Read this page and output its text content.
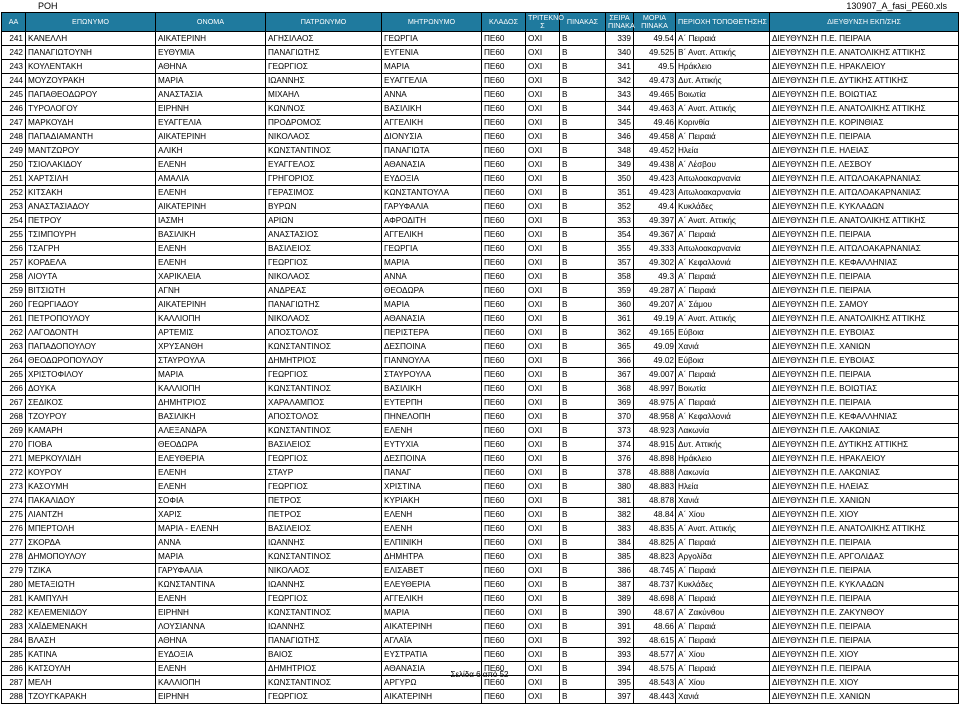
POH	130907_A_fasi_PE60.xls
AA	ΕΠΩΝΥΜΟ	ΟΝΟΜΑ	ΠΑΤΡΩΝΥΜΟ	ΜΗΤΡΩΝΥΜΟ	ΚΛΑΔΟΣ	ΤΡΙΤΕΚΝΟ Σ	ΠΙΝΑΚΑΣ	ΣΕΙΡΑ ΠΙΝΑΚΑ	ΜΟΡΙΑ ΠΙΝΑΚΑ	ΠΕΡΙΟΧΗ ΤΟΠΟΘΕΤΗΣΗΣ	ΔΙΕΥΘΥΝΣΗ ΕΚΠ/ΣΗΣ
241	ΚΑΝΕΛΛΗ	ΑΙΚΑΤΕΡΙΝΗ	ΑΓΗΣΙΛΑΟΣ	ΓΕΩΡΓΙΑ	ΠΕ60	ΟΧΙ	Β	339	49.54	Α΄ Πειραιά	ΔΙΕΥΘΥΝΣΗ Π.Ε. ΠΕΙΡΑΙΑ
242	ΠΑΝΑΓΙΩΤΟΥΝΗ	ΕΥΘΥΜΙΑ	ΠΑΝΑΓΙΩΤΗΣ	ΕΥΓΕΝΙΑ	ΠΕ60	ΟΧΙ	Β	340	49.525	Β΄ Ανατ. Αττικής	ΔΙΕΥΘΥΝΣΗ Π.Ε. ΑΝΑΤΟΛΙΚΗΣ ΑΤΤΙΚΗΣ
243	ΚΟΥΛΕΝΤΑΚΗ	ΑΘΗΝΑ	ΓΕΩΡΓΙΟΣ	ΜΑΡΙΑ	ΠΕ60	ΟΧΙ	Β	341	49.5	Ηράκλειο	ΔΙΕΥΘΥΝΣΗ Π.Ε. ΗΡΑΚΛΕΙΟΥ
244	ΜΟΥΖΟΥΡΑΚΗ	ΜΑΡΙΑ	ΙΩΑΝΝΗΣ	ΕΥΑΓΓΕΛΙΑ	ΠΕ60	ΟΧΙ	Β	342	49.473	Δυτ. Αττικής	ΔΙΕΥΘΥΝΣΗ Π.Ε. ΔΥΤΙΚΗΣ ΑΤΤΙΚΗΣ
245	ΠΑΠΑΘΕΟΔΩΡΟΥ	ΑΝΑΣΤΑΣΙΑ	ΜΙΧΑΗΛ	ΑΝΝΑ	ΠΕ60	ΟΧΙ	Β	343	49.465	Βοιωτία	ΔΙΕΥΘΥΝΣΗ Π.Ε. ΒΟΙΩΤΙΑΣ
246	ΤΥΡΟΛΟΓΟΥ	ΕΙΡΗΝΗ	ΚΩΝ/ΝΟΣ	ΒΑΣΙΛΙΚΗ	ΠΕ60	ΟΧΙ	Β	344	49.463	Α΄ Ανατ. Αττικής	ΔΙΕΥΘΥΝΣΗ Π.Ε. ΑΝΑΤΟΛΙΚΗΣ ΑΤΤΙΚΗΣ
247	ΜΑΡΚΟΥΔΗ	ΕΥΑΓΓΕΛΙΑ	ΠΡΟΔΡΟΜΟΣ	ΑΓΓΕΛΙΚΗ	ΠΕ60	ΟΧΙ	Β	345	49.46	Κορινθία	ΔΙΕΥΘΥΝΣΗ Π.Ε. ΚΟΡΙΝΘΙΑΣ
248	ΠΑΠΑΔΙΑΜΑΝΤΗ	ΑΙΚΑΤΕΡΙΝΗ	ΝΙΚΟΛΑΟΣ	ΔΙΟΝΥΣΙΑ	ΠΕ60	ΟΧΙ	Β	346	49.458	Α΄ Πειραιά	ΔΙΕΥΘΥΝΣΗ Π.Ε. ΠΕΙΡΑΙΑ
249	ΜΑΝΤΖΩΡΟΥ	ΑΛΙΚΗ	ΚΩΝΣΤΑΝΤΙΝΟΣ	ΠΑΝΑΓΙΩΤΑ	ΠΕ60	ΟΧΙ	Β	348	49.452	Ηλεία	ΔΙΕΥΘΥΝΣΗ Π.Ε. ΗΛΕΙΑΣ
250	ΤΣΙΟΛΑΚΙΔΟΥ	ΕΛΕΝΗ	ΕΥΑΓΓΕΛΟΣ	ΑΘΑΝΑΣΙΑ	ΠΕ60	ΟΧΙ	Β	349	49.438	Α΄ Λέσβου	ΔΙΕΥΘΥΝΣΗ Π.Ε. ΛΕΣΒΟΥ
251	ΧΑΡΤΣΙΛΗ	ΑΜΑΛΙΑ	ΓΡΗΓΟΡΙΟΣ	ΕΥΔΟΞΙΑ	ΠΕ60	ΟΧΙ	Β	350	49.423	Αιτωλοακαρνανία	ΔΙΕΥΘΥΝΣΗ Π.Ε. ΑΙΤΩΛΟΑΚΑΡΝΑΝΙΑΣ
252	ΚΙΤΣΑΚΗ	ΕΛΕΝΗ	ΓΕΡΑΣΙΜΟΣ	ΚΩΝΣΤΑΝΤΟΥΛΑ	ΠΕ60	ΟΧΙ	Β	351	49.423	Αιτωλοακαρνανία	ΔΙΕΥΘΥΝΣΗ Π.Ε. ΑΙΤΩΛΟΑΚΑΡΝΑΝΙΑΣ
253	ΑΝΑΣΤΑΣΙΑΔΟΥ	ΑΙΚΑΤΕΡΙΝΗ	ΒΥΡΩΝ	ΓΑΡΥΦΑΛΙΑ	ΠΕ60	ΟΧΙ	Β	352	49.4	Κυκλάδες	ΔΙΕΥΘΥΝΣΗ Π.Ε. ΚΥΚΛΑΔΩΝ
254	ΠΕΤΡΟΥ	ΙΑΣΜΗ	ΑΡΙΩΝ	ΑΦΡΟΔΙΤΗ	ΠΕ60	ΟΧΙ	Β	353	49.397	Α΄ Ανατ. Αττικής	ΔΙΕΥΘΥΝΣΗ Π.Ε. ΑΝΑΤΟΛΙΚΗΣ ΑΤΤΙΚΗΣ
255	ΤΣΙΜΠΟΥΡΗ	ΒΑΣΙΛΙΚΗ	ΑΝΑΣΤΑΣΙΟΣ	ΑΓΓΕΛΙΚΗ	ΠΕ60	ΟΧΙ	Β	354	49.367	Α΄ Πειραιά	ΔΙΕΥΘΥΝΣΗ Π.Ε. ΠΕΙΡΑΙΑ
256	ΤΣΑΓΡΗ	ΕΛΕΝΗ	ΒΑΣΙΛΕΙΟΣ	ΓΕΩΡΓΙΑ	ΠΕ60	ΟΧΙ	Β	355	49.333	Αιτωλοακαρνανία	ΔΙΕΥΘΥΝΣΗ Π.Ε. ΑΙΤΩΛΟΑΚΑΡΝΑΝΙΑΣ
257	ΚΟΡΔΕΛΑ	ΕΛΕΝΗ	ΓΕΩΡΓΙΟΣ	ΜΑΡΙΑ	ΠΕ60	ΟΧΙ	Β	357	49.302	Α΄ Κεφαλλονιά	ΔΙΕΥΘΥΝΣΗ Π.Ε. ΚΕΦΑΛΛΗΝΙΑΣ
258	ΛΙΟΥΤΑ	ΧΑΡΙΚΛΕΙΑ	ΝΙΚΟΛΑΟΣ	ΑΝΝΑ	ΠΕ60	ΟΧΙ	Β	358	49.3	Α΄ Πειραιά	ΔΙΕΥΘΥΝΣΗ Π.Ε. ΠΕΙΡΑΙΑ
259	ΒΙΤΣΙΩΤΗ	ΑΓΝΗ	ΑΝΔΡΕΑΣ	ΘΕΟΔΩΡΑ	ΠΕ60	ΟΧΙ	Β	359	49.287	Α΄ Πειραιά	ΔΙΕΥΘΥΝΣΗ Π.Ε. ΠΕΙΡΑΙΑ
260	ΓΕΩΡΓΙΑΔΟΥ	ΑΙΚΑΤΕΡΙΝΗ	ΠΑΝΑΓΙΩΤΗΣ	ΜΑΡΙΑ	ΠΕ60	ΟΧΙ	Β	360	49.207	Α΄ Σάμου	ΔΙΕΥΘΥΝΣΗ Π.Ε. ΣΑΜΟΥ
261	ΠΕΤΡΟΠΟΥΛΟΥ	ΚΑΛΛΙΟΠΗ	ΝΙΚΟΛΑΟΣ	ΑΘΑΝΑΣΙΑ	ΠΕ60	ΟΧΙ	Β	361	49.19	Α΄ Ανατ. Αττικής	ΔΙΕΥΘΥΝΣΗ Π.Ε. ΑΝΑΤΟΛΙΚΗΣ ΑΤΤΙΚΗΣ
262	ΛΑΓΟΔΟΝΤΗ	ΑΡΤΕΜΙΣ	ΑΠΟΣΤΟΛΟΣ	ΠΕΡΙΣΤΕΡΑ	ΠΕ60	ΟΧΙ	Β	362	49.165	Εύβοια	ΔΙΕΥΘΥΝΣΗ Π.Ε. ΕΥΒΟΙΑΣ
263	ΠΑΠΑΔΟΠΟΥΛΟΥ	ΧΡΥΣΑΝΘΗ	ΚΩΝΣΤΑΝΤΙΝΟΣ	ΔΕΣΠΟΙΝΑ	ΠΕ60	ΟΧΙ	Β	365	49.09	Χανιά	ΔΙΕΥΘΥΝΣΗ Π.Ε. ΧΑΝΙΩΝ
264	ΘΕΟΔΩΡΟΠΟΥΛΟΥ	ΣΤΑΥΡΟΥΛΑ	ΔΗΜΗΤΡΙΟΣ	ΓΙΑΝΝΟΥΛΑ	ΠΕ60	ΟΧΙ	Β	366	49.02	Εύβοια	ΔΙΕΥΘΥΝΣΗ Π.Ε. ΕΥΒΟΙΑΣ
265	ΧΡΙΣΤΟΦΙΛΟΥ	ΜΑΡΙΑ	ΓΕΩΡΓΙΟΣ	ΣΤΑΥΡΟΥΛΑ	ΠΕ60	ΟΧΙ	Β	367	49.007	Α΄ Πειραιά	ΔΙΕΥΘΥΝΣΗ Π.Ε. ΠΕΙΡΑΙΑ
266	ΔΟΥΚΑ	ΚΑΛΛΙΟΠΗ	ΚΩΝΣΤΑΝΤΙΝΟΣ	ΒΑΣΙΛΙΚΗ	ΠΕ60	ΟΧΙ	Β	368	48.997	Βοιωτία	ΔΙΕΥΘΥΝΣΗ Π.Ε. ΒΟΙΩΤΙΑΣ
267	ΣΕΔΙΚΟΣ	ΔΗΜΗΤΡΙΟΣ	ΧΑΡΑΛΑΜΠΟΣ	ΕΥΤΕΡΠΗ	ΠΕ60	ΟΧΙ	Β	369	48.975	Α΄ Πειραιά	ΔΙΕΥΘΥΝΣΗ Π.Ε. ΠΕΙΡΑΙΑ
268	ΤΖΟΥΡΟΥ	ΒΑΣΙΛΙΚΗ	ΑΠΟΣΤΟΛΟΣ	ΠΗΝΕΛΟΠΗ	ΠΕ60	ΟΧΙ	Β	370	48.958	Α΄ Κεφαλλονιά	ΔΙΕΥΘΥΝΣΗ Π.Ε. ΚΕΦΑΛΛΗΝΙΑΣ
269	ΚΑΜΑΡΗ	ΑΛΕΞΑΝΔΡΑ	ΚΩΝΣΤΑΝΤΙΝΟΣ	ΕΛΕΝΗ	ΠΕ60	ΟΧΙ	Β	373	48.923	Λακωνία	ΔΙΕΥΘΥΝΣΗ Π.Ε. ΛΑΚΩΝΙΑΣ
270	ΓΙΟΒΑ	ΘΕΟΔΩΡΑ	ΒΑΣΙΛΕΙΟΣ	ΕΥΤΥΧΙΑ	ΠΕ60	ΟΧΙ	Β	374	48.915	Δυτ. Αττικής	ΔΙΕΥΘΥΝΣΗ Π.Ε. ΔΥΤΙΚΗΣ ΑΤΤΙΚΗΣ
271	ΜΕΡΚΟΥΛΙΔΗ	ΕΛΕΥΘΕΡΙΑ	ΓΕΩΡΓΙΟΣ	ΔΕΣΠΟΙΝΑ	ΠΕ60	ΟΧΙ	Β	376	48.898	Ηράκλειο	ΔΙΕΥΘΥΝΣΗ Π.Ε. ΗΡΑΚΛΕΙΟΥ
272	ΚΟΥΡΟΥ	ΕΛΕΝΗ	ΣΤΑΥΡ	ΠΑΝΑΓ	ΠΕ60	ΟΧΙ	Β	378	48.888	Λακωνία	ΔΙΕΥΘΥΝΣΗ Π.Ε. ΛΑΚΩΝΙΑΣ
273	ΚΑΣΟΥΜΗ	ΕΛΕΝΗ	ΓΕΩΡΓΙΟΣ	ΧΡΙΣΤΙΝΑ	ΠΕ60	ΟΧΙ	Β	380	48.883	Ηλεία	ΔΙΕΥΘΥΝΣΗ Π.Ε. ΗΛΕΙΑΣ
274	ΠΑΚΑΛΙΔΟΥ	ΣΟΦΙΑ	ΠΕΤΡΟΣ	ΚΥΡΙΑΚΗ	ΠΕ60	ΟΧΙ	Β	381	48.878	Χανιά	ΔΙΕΥΘΥΝΣΗ Π.Ε. ΧΑΝΙΩΝ
275	ΛΙΑΝΤΖΗ	ΧΑΡΙΣ	ΠΕΤΡΟΣ	ΕΛΕΝΗ	ΠΕ60	ΟΧΙ	Β	382	48.84	Α΄ Χίου	ΔΙΕΥΘΥΝΣΗ Π.Ε. ΧΙΟΥ
276	ΜΠΕΡΤΟΛΗ	ΜΑΡΙΑ - ΕΛΕΝΗ	ΒΑΣΙΛΕΙΟΣ	ΕΛΕΝΗ	ΠΕ60	ΟΧΙ	Β	383	48.835	Α΄ Ανατ. Αττικής	ΔΙΕΥΘΥΝΣΗ Π.Ε. ΑΝΑΤΟΛΙΚΗΣ ΑΤΤΙΚΗΣ
277	ΣΚΟΡΔΑ	ΑΝΝΑ	ΙΩΑΝΝΗΣ	ΕΛΠΙΝΙΚΗ	ΠΕ60	ΟΧΙ	Β	384	48.825	Α΄ Πειραιά	ΔΙΕΥΘΥΝΣΗ Π.Ε. ΠΕΙΡΑΙΑ
278	ΔΗΜΟΠΟΥΛΟΥ	ΜΑΡΙΑ	ΚΩΝΣΤΑΝΤΙΝΟΣ	ΔΗΜΗΤΡΑ	ΠΕ60	ΟΧΙ	Β	385	48.823	Αργολίδα	ΔΙΕΥΘΥΝΣΗ Π.Ε. ΑΡΓΟΛΙΔΑΣ
279	ΤΖΙΚΑ	ΓΑΡΥΦΑΛΙΑ	ΝΙΚΟΛΑΟΣ	ΕΛΙΣΑΒΕΤ	ΠΕ60	ΟΧΙ	Β	386	48.745	Α΄ Πειραιά	ΔΙΕΥΘΥΝΣΗ Π.Ε. ΠΕΙΡΑΙΑ
280	ΜΕΤΑΞΙΩΤΗ	ΚΩΝΣΤΑΝΤΙΝΑ	ΙΩΑΝΝΗΣ	ΕΛΕΥΘΕΡΙΑ	ΠΕ60	ΟΧΙ	Β	387	48.737	Κυκλάδες	ΔΙΕΥΘΥΝΣΗ Π.Ε. ΚΥΚΛΑΔΩΝ
281	ΚΑΜΠΥΛΗ	ΕΛΕΝΗ	ΓΕΩΡΓΙΟΣ	ΑΓΓΕΛΙΚΗ	ΠΕ60	ΟΧΙ	Β	389	48.698	Α΄ Πειραιά	ΔΙΕΥΘΥΝΣΗ Π.Ε. ΠΕΙΡΑΙΑ
282	ΚΕΛΕΜΕΝΙΔΟΥ	ΕΙΡΗΝΗ	ΚΩΝΣΤΑΝΤΙΝΟΣ	ΜΑΡΙΑ	ΠΕ60	ΟΧΙ	Β	390	48.67	Α΄ Ζακύνθου	ΔΙΕΥΘΥΝΣΗ Π.Ε. ΖΑΚΥΝΘΟΥ
283	ΧΑΪΔΕΜΕΝΑΚΗ	ΛΟΥΣΙΑΝΝΑ	ΙΩΑΝΝΗΣ	ΑΙΚΑΤΕΡΙΝΗ	ΠΕ60	ΟΧΙ	Β	391	48.66	Α΄ Πειραιά	ΔΙΕΥΘΥΝΣΗ Π.Ε. ΠΕΙΡΑΙΑ
284	ΒΛΑΣΗ	ΑΘΗΝΑ	ΠΑΝΑΓΙΩΤΗΣ	ΑΓΛΑΪΑ	ΠΕ60	ΟΧΙ	Β	392	48.615	Α΄ Πειραιά	ΔΙΕΥΘΥΝΣΗ Π.Ε. ΠΕΙΡΑΙΑ
285	ΚΑΤΙΝΑ	ΕΥΔΟΞΙΑ	ΒΑΙΟΣ	ΕΥΣΤΡΑΤΙΑ	ΠΕ60	ΟΧΙ	Β	393	48.577	Α΄ Χίου	ΔΙΕΥΘΥΝΣΗ Π.Ε. ΧΙΟΥ
286	ΚΑΤΣΟΥΛΗ	ΕΛΕΝΗ	ΔΗΜΗΤΡΙΟΣ	ΑΘΑΝΑΣΙΑ	ΠΕ60	ΟΧΙ	Β	394	48.575	Α΄ Πειραιά	ΔΙΕΥΘΥΝΣΗ Π.Ε. ΠΕΙΡΑΙΑ
287	ΜΕΛΗ	ΚΑΛΛΙΟΠΗ	ΚΩΝΣΤΑΝΤΙΝΟΣ	ΑΡΓΥΡΩ	ΠΕ60	ΟΧΙ	Β	395	48.543	Α΄ Χίου	ΔΙΕΥΘΥΝΣΗ Π.Ε. ΧΙΟΥ
288	ΤΖΟΥΓΚΑΡΑΚΗ	ΕΙΡΗΝΗ	ΓΕΩΡΓΙΟΣ	ΑΙΚΑΤΕΡΙΝΗ	ΠΕ60	ΟΧΙ	Β	397	48.443	Χανιά	ΔΙΕΥΘΥΝΣΗ Π.Ε. ΧΑΝΙΩΝ
Σελίδα 6 από 52
